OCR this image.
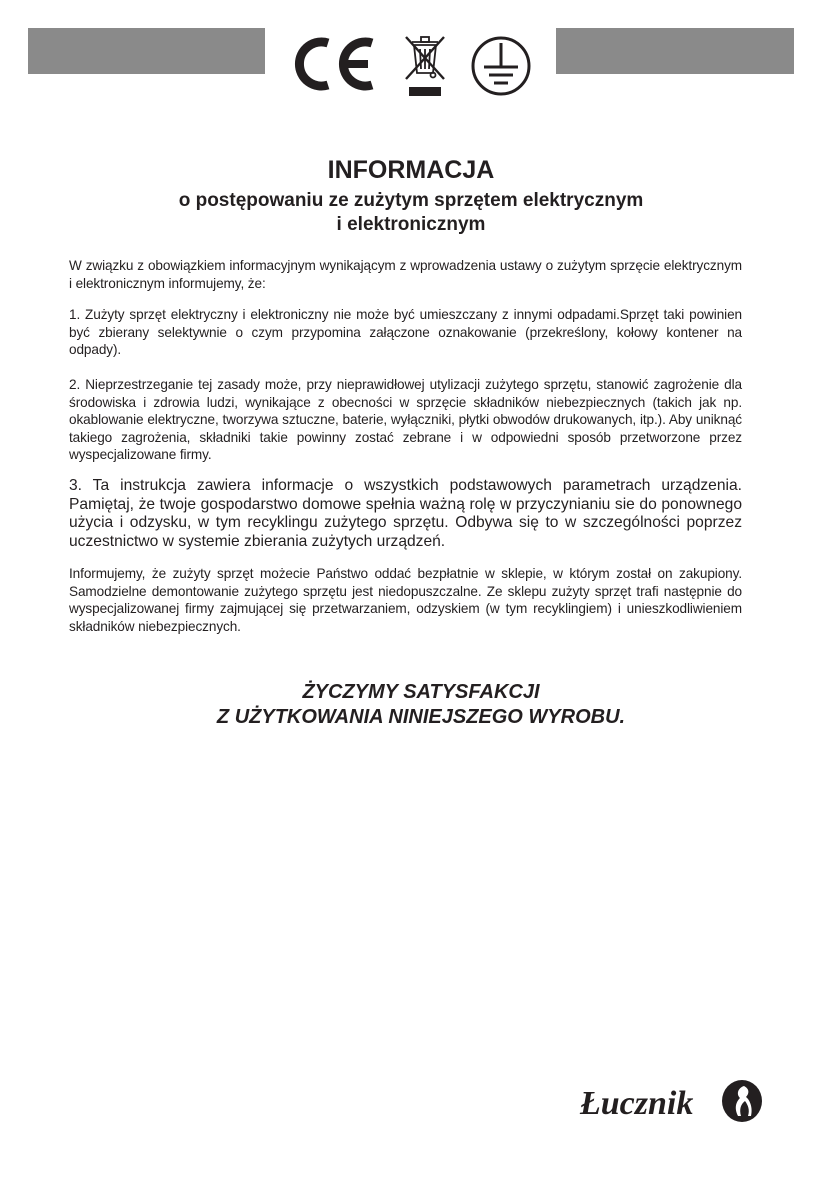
INFORMACJA
o postępowaniu ze zużytym sprzętem elektrycznym
i elektronicznym
W związku z obowiązkiem informacyjnym wynikającym z wprowadzenia ustawy o zużytym sprzęcie elektrycznym i elektronicznym informujemy, że:
1. Zużyty sprzęt elektryczny i elektroniczny nie może być umieszczany z innymi odpadami.Sprzęt taki powinien być zbierany selektywnie o czym przypomina załączone oznakowanie (przekreślony, kołowy kontener na odpady).
2. Nieprzestrzeganie tej zasady może, przy nieprawidłowej utylizacji zużytego sprzętu, stanowić zagrożenie dla środowiska i zdrowia ludzi, wynikające z obecności w sprzęcie składników niebezpiecznych (takich jak np. okablowanie elektryczne, tworzywa sztuczne, baterie, wyłączniki, płytki obwodów drukowanych, itp.). Aby uniknąć takiego zagrożenia, składniki takie powinny zostać zebrane i w odpowiedni sposób przetworzone przez wyspecjalizowane firmy.
3. Ta instrukcja zawiera informacje o wszystkich podstawowych parametrach urządzenia. Pamiętaj, że twoje gospodarstwo domowe spełnia ważną rolę w przyczynianiu sie do ponownego użycia i odzysku, w tym recyklingu zużytego sprzętu. Odbywa się to w szczególności poprzez uczestnictwo w systemie zbierania zużytych urządzeń.
Informujemy, że zużyty sprzęt możecie Państwo oddać bezpłatnie w sklepie, w którym został on zakupiony. Samodzielne demontowanie zużytego sprzętu jest niedopuszczalne. Ze sklepu zużyty sprzęt trafi następnie do wyspecjalizowanej firmy zajmującej się przetwarzaniem, odzyskiem (w tym recyklingiem) i unieszkodliwieniem składników niebezpiecznych.
ŻYCZYMY SATYSFAKCJI
Z UŻYTKOWANIA NINIEJSZEGO WYROBU.
Łucznik
